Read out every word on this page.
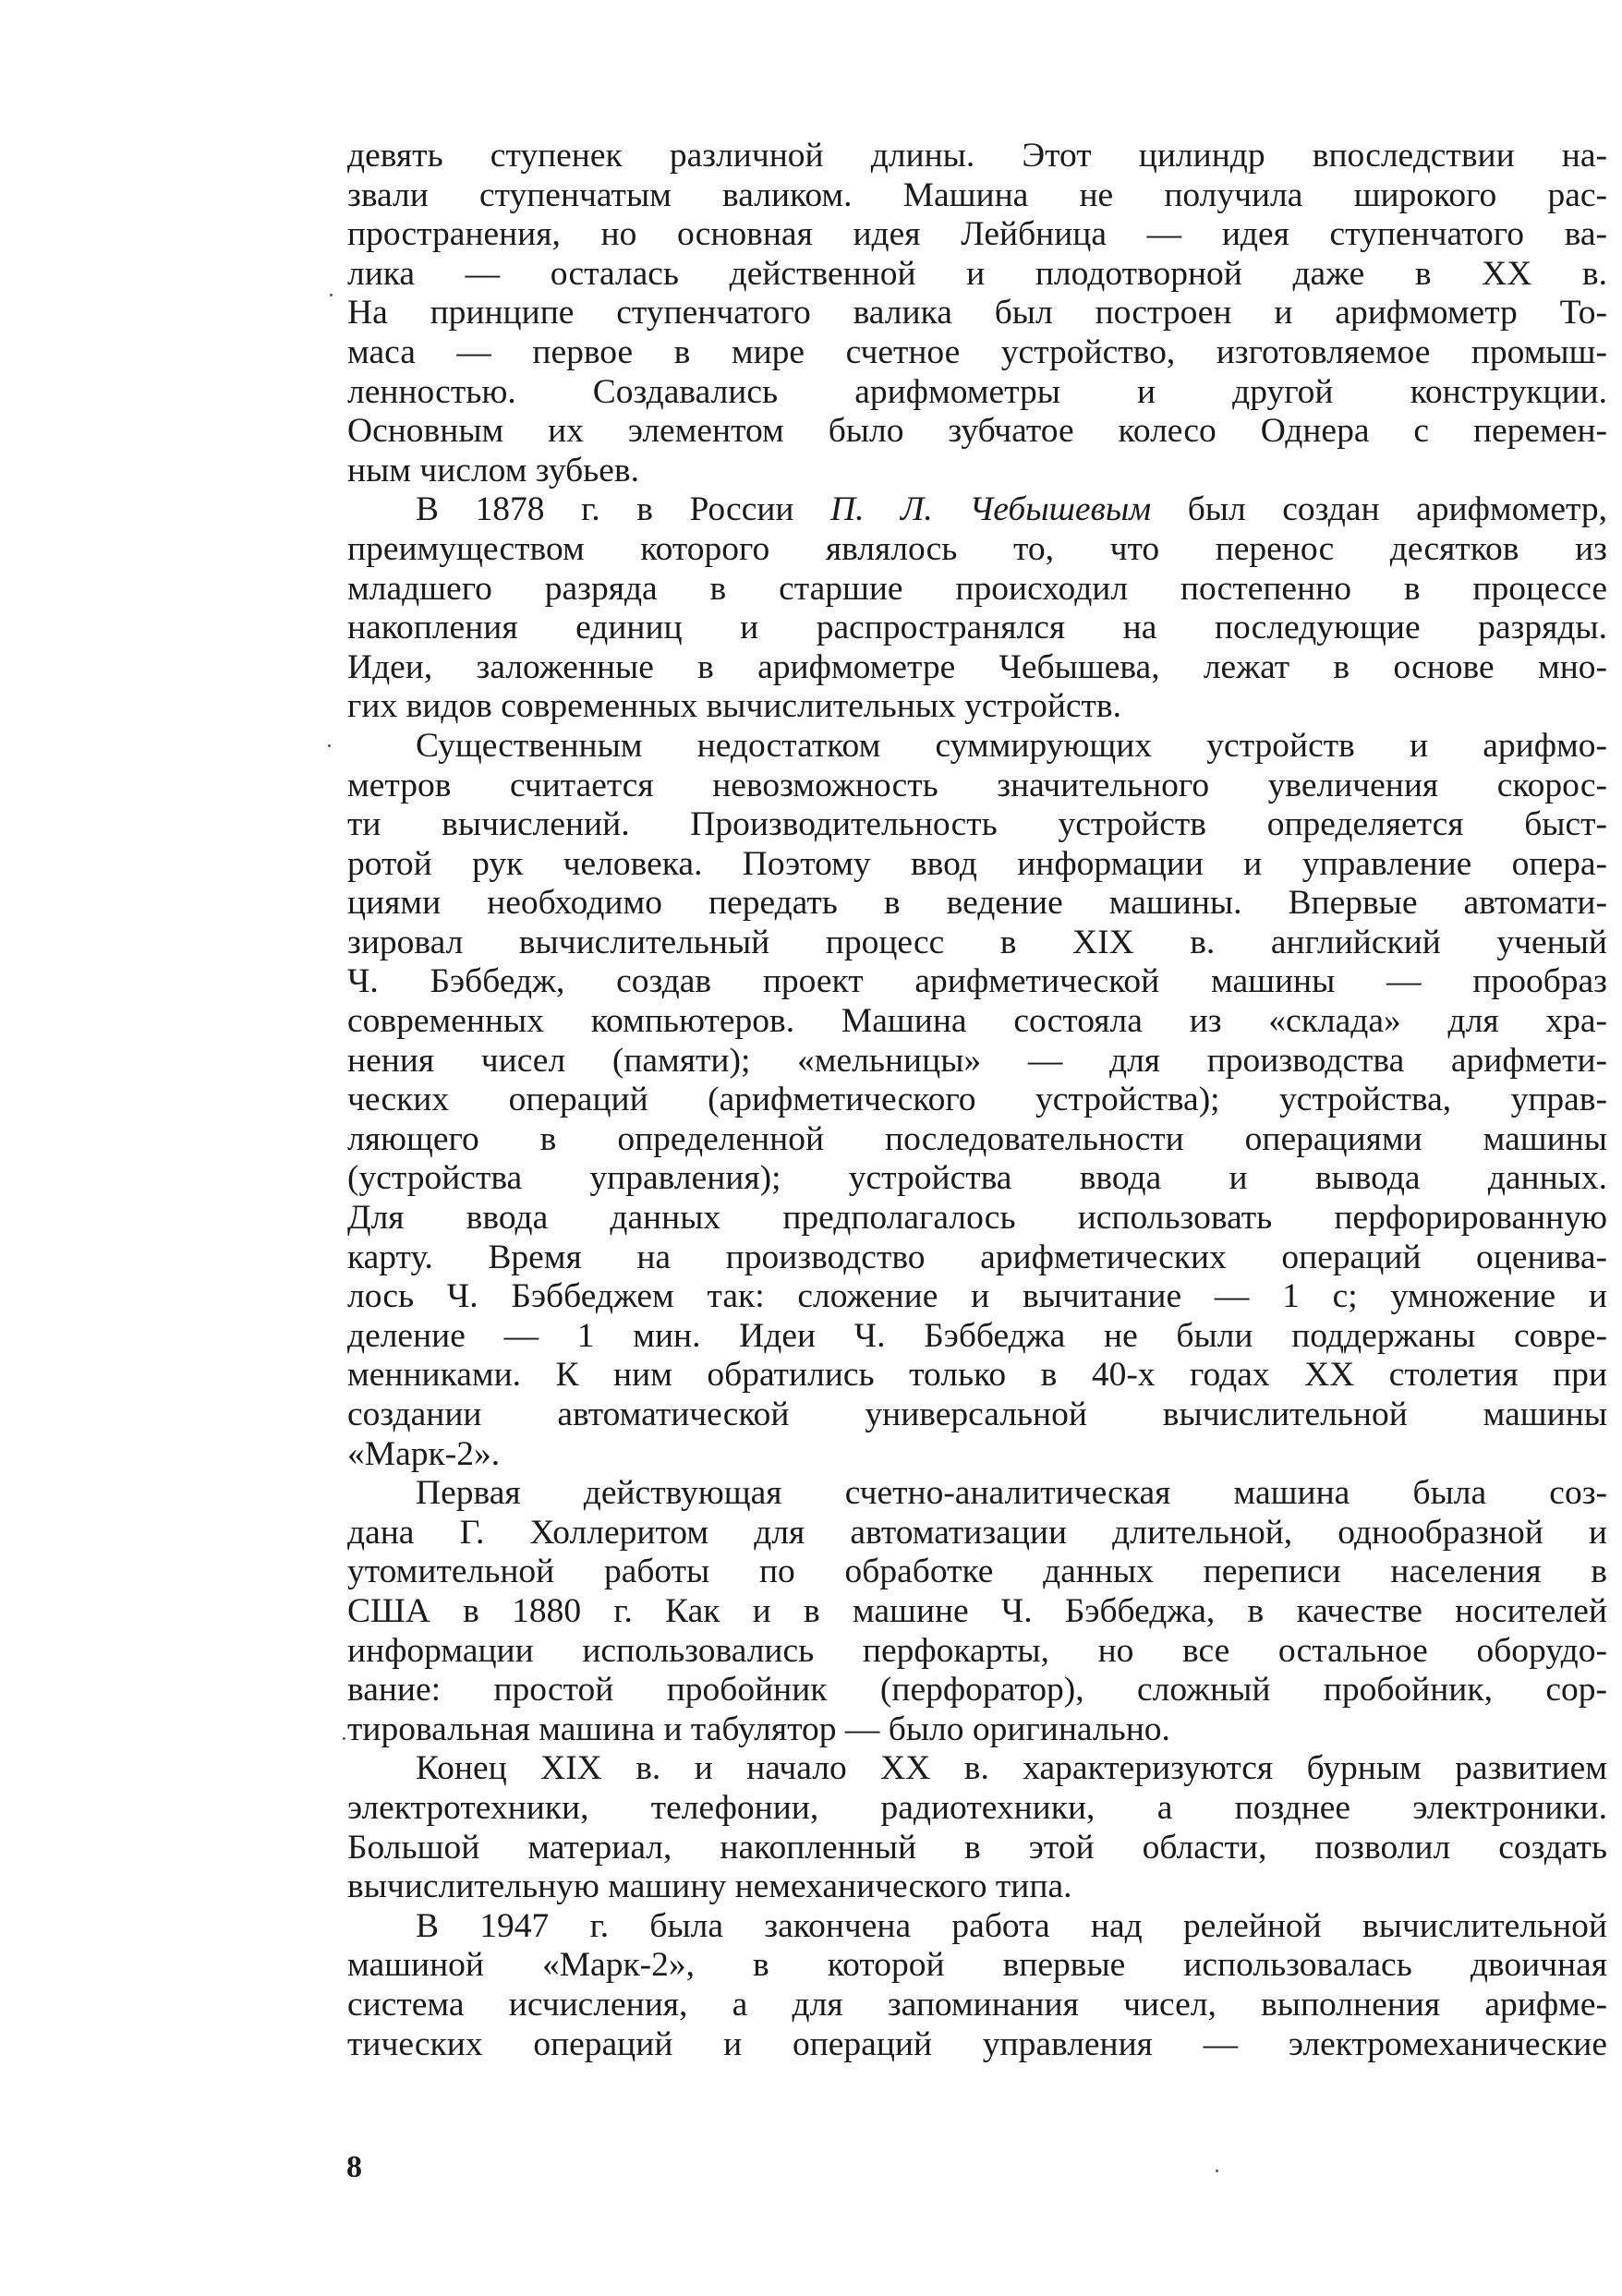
девять ступенек различной длины. Этот цилиндр впоследствии на-
звали ступенчатым валиком. Машина не получила широкого рас-
пространения, но основная идея Лейбница — идея ступенчатого ва-
лика — осталась действенной и плодотворной даже в XX в.
На принципе ступенчатого валика был построен и арифмометр То-
маса — первое в мире счетное устройство, изготовляемое промыш-
ленностью. Создавались арифмометры и другой конструкции.
Основным их элементом было зубчатое колесо Однера с перемен-
ным числом зубьев.

В 1878 г. в России П. Л. Чебышевым был создан арифмометр,
преимуществом которого являлось то, что перенос десятков из
младшего разряда в старшие происходил постепенно в процессе
накопления единиц и распространялся на последующие разряды.
Идеи, заложенные в арифмометре Чебышева, лежат в основе мно-
гих видов современных вычислительных устройств.

Существенным недостатком суммирующих устройств и арифмо-
метров считается невозможность значительного увеличения скорос-
ти вычислений. Производительность устройств определяется быст-
ротой рук человека. Поэтому ввод информации и управление опера-
циями необходимо передать в ведение машины. Впервые автомати-
зировал вычислительный процесс в XIX в. английский ученый
Ч. Бэббедж, создав проект арифметической машины — прообраз
современных компьютеров. Машина состояла из «склада» для хра-
нения чисел (памяти); «мельницы» — для производства арифмети-
ческих операций (арифметического устройства); устройства, управ-
ляющего в определенной последовательности операциями машины
(устройства управления); устройства ввода и вывода данных.
Для ввода данных предполагалось использовать перфорированную
карту. Время на производство арифметических операций оценива-
лось Ч. Бэббеджем так: сложение и вычитание — 1 с; умножение и
деление — 1 мин. Идеи Ч. Бэббеджа не были поддержаны совре-
менниками. К ним обратились только в 40-х годах XX столетия при
создании автоматической универсальной вычислительной машины
«Марк-2».

Первая действующая счетно-аналитическая машина была соз-
дана Г. Холлеритом для автоматизации длительной, однообразной и
утомительной работы по обработке данных переписи населения в
США в 1880 г. Как и в машине Ч. Бэббеджа, в качестве носителей
информации использовались перфокарты, но все остальное оборудо-
вание: простой пробойник (перфоратор), сложный пробойник, сор-
тировальная машина и табулятор — было оригинально.

Конец XIX в. и начало XX в. характеризуются бурным развитием
электротехники, телефонии, радиотехники, а позднее электроники.
Большой материал, накопленный в этой области, позволил создать
вычислительную машину немеханического типа.

В 1947 г. была закончена работа над релейной вычислительной
машиной «Марк-2», в которой впервые использовалась двоичная
система исчисления, а для запоминания чисел, выполнения арифме-
тических операций и операций управления — электромеханические

8
